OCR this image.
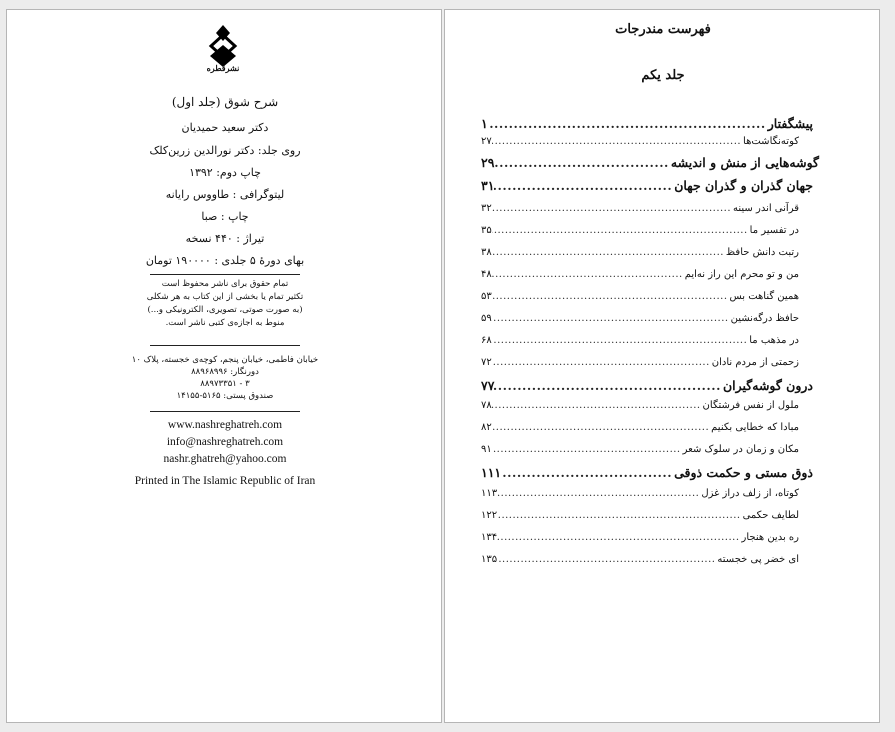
نشرقطره
شرح شوق (جلد اول)
دکتر سعید حمیدیان
روی جلد: دکتر نورالدین زرین‌کلک
چاپ دوم: ۱۳۹۲
لیتوگرافی : طاووس رایانه
چاپ : صبا
تیراژ : ۴۴۰ نسخه
بهای دورهٔ ۵ جلدی : ۱۹۰۰۰۰ تومان
تمام حقوق برای ناشر محفوظ است
تکثیر تمام یا بخشی از این کتاب به هر شکلی
(به صورت صوتی، تصویری، الکترونیکی و...)
منوط به اجازه‌ی کتبی ناشر است.
خیابان فاطمی، خیابان پنجم، کوچه‌ی خجسته، پلاک ۱۰
دورنگار: ۸۸۹۶۸۹۹۶
۳ - ۸۸۹۷۳۳۵۱
صندوق پستی: ۵۱۶۵-۱۴۱۵۵
www.nashreghatreh.com
info@nashreghatreh.com
nashr.ghatreh@yahoo.com
Printed in The Islamic Republic of Iran
فهرست مندرجات
جلد یکم
پیشگفتار
.....
۱
کوته‌نگاشت‌ها
.....
۲۷
گوشه‌هایی از منش و اندیشه
.....
۲۹
جهان گذران و گذران جهان
.....
۳۱
قرآنی اندر سینه
.....
۳۲
در تفسیر ما
.....
۳۵
رتبت دانش حافظ
.....
۳۸
من و تو محرم این راز نه‌ایم
.....
۴۸
همین گناهت بس
.....
۵۳
حافظ درگه‌نشین
.....
۵۹
در مذهب ما
.....
۶۸
زحمتی از مردم نادان
.....
۷۲
درون گوشه‌گیران
.....
۷۷
ملول از نفس فرشتگان
.....
۷۸
مبادا که خطایی بکنیم
.....
۸۲
مکان و زمان در سلوک شعر
.....
۹۱
ذوق مستی و حکمت ذوقی
.....
۱۱۱
کوتاه، از زلف دراز غزل
.....
۱۱۳
لطایف حکمی
.....
۱۲۲
ره بدین هنجار
.....
۱۳۴
ای خضر پی خجسته
.....
۱۳۵
